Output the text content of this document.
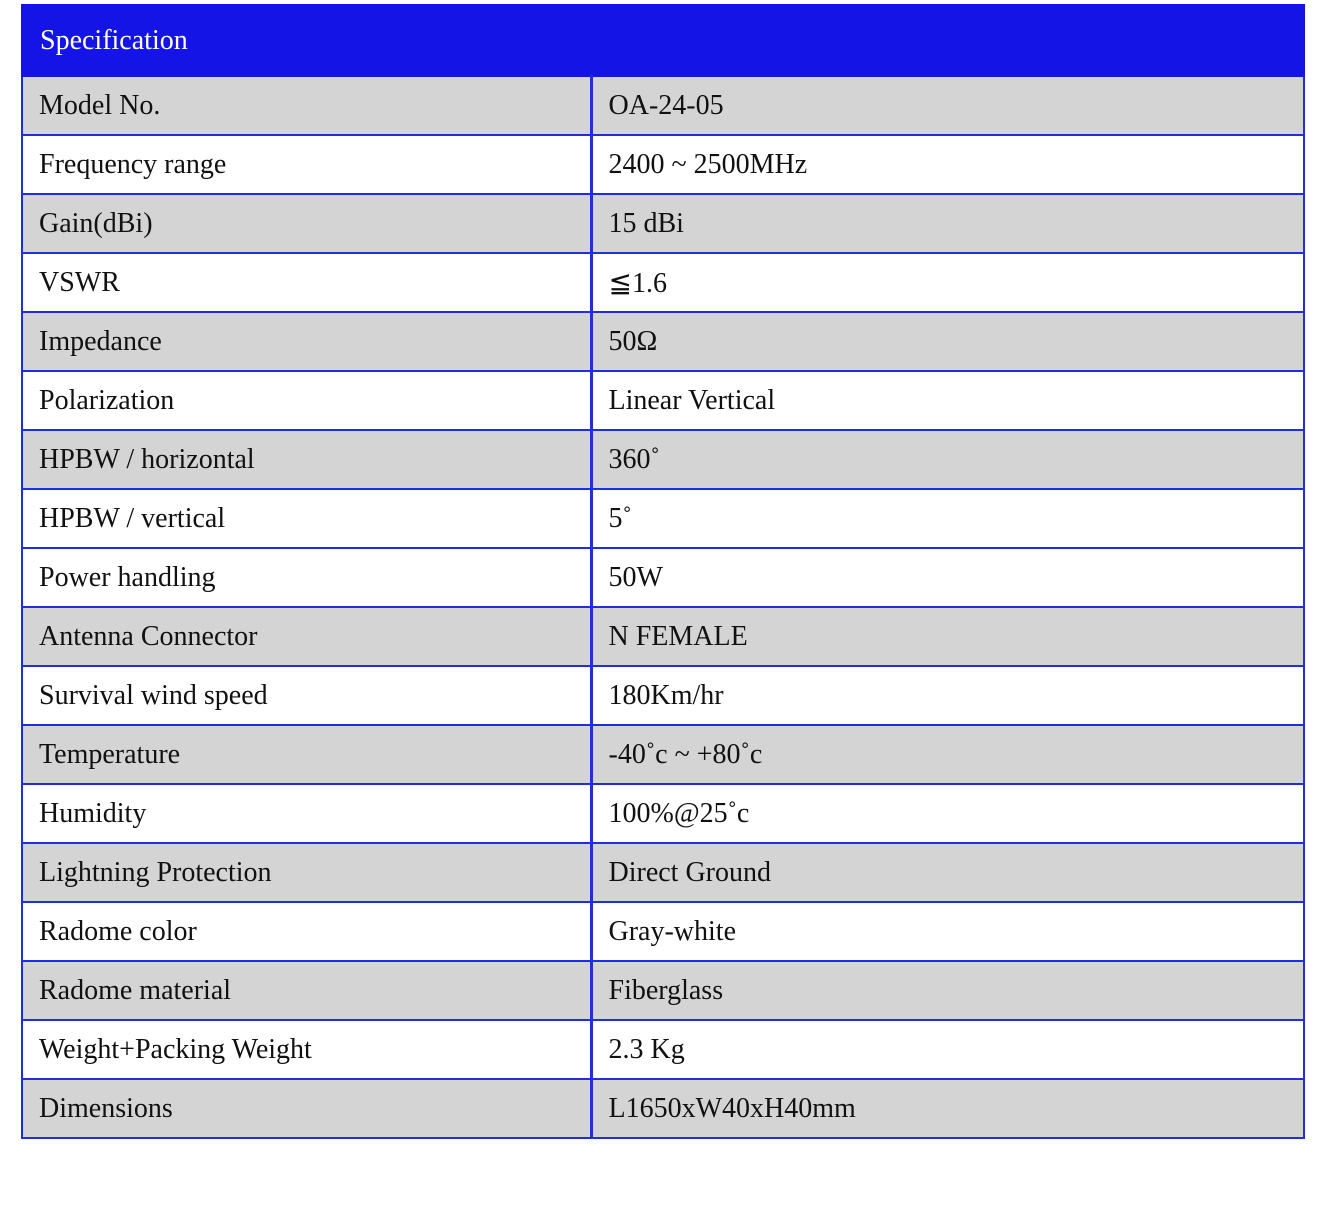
Specification	
Model No.	OA-24-05
Frequency range	2400 ~ 2500MHz
Gain(dBi)	15 dBi
VSWR	≦1.6
Impedance	50Ω
Polarization	Linear Vertical
HPBW / horizontal	360˚
HPBW / vertical	5˚
Power handling	50W
Antenna Connector	N FEMALE
Survival wind speed	180Km/hr
Temperature	-40˚c ~ +80˚c
Humidity	100%@25˚c
Lightning Protection	Direct Ground
Radome color	Gray-white
Radome material	Fiberglass
Weight+Packing Weight	2.3 Kg
Dimensions	L1650xW40xH40mm
